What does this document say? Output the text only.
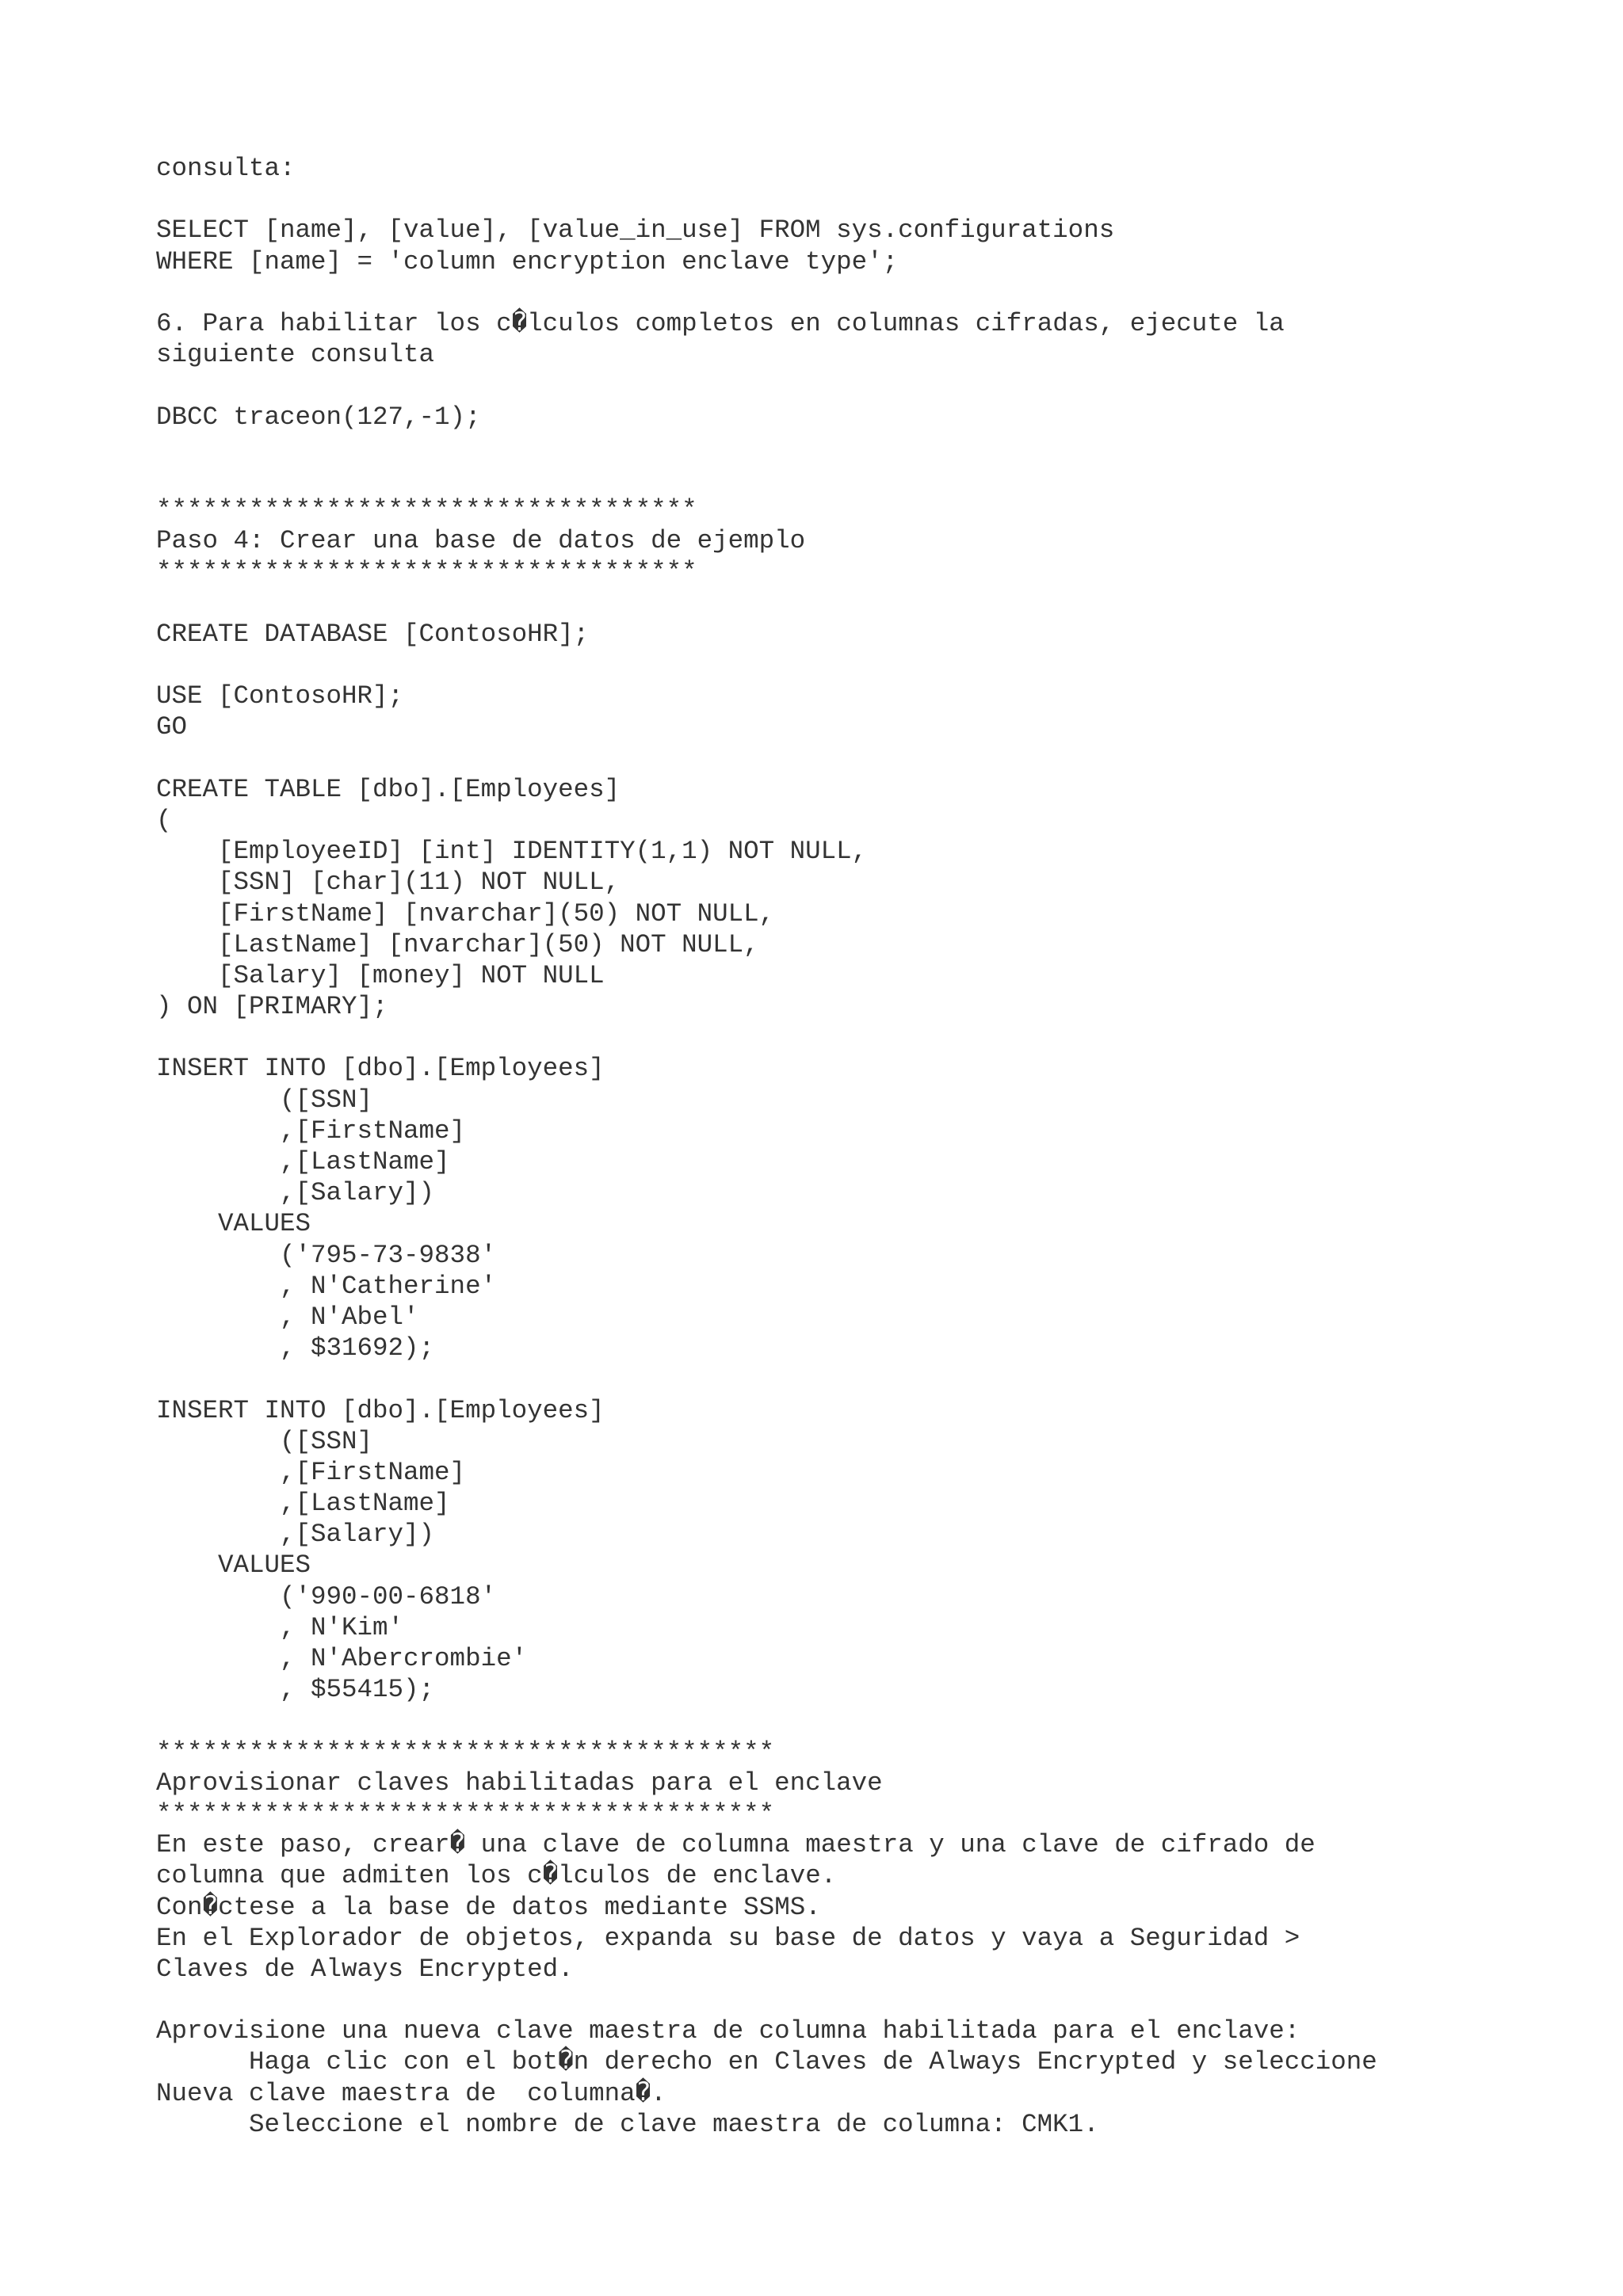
consulta:
SELECT [name], [value], [value_in_use] FROM sys.configurations
WHERE [name] = 'column encryption enclave type';
6. Para habilitar los c�lculos completos en columnas cifradas, ejecute la
siguiente consulta
DBCC traceon(127,-1);
***********************************
Paso 4: Crear una base de datos de ejemplo
***********************************
CREATE DATABASE [ContosoHR];
USE [ContosoHR];
GO
CREATE TABLE [dbo].[Employees]
(
[EmployeeID] [int] IDENTITY(1,1) NOT NULL,
[SSN] [char](11) NOT NULL,
[FirstName] [nvarchar](50) NOT NULL,
[LastName] [nvarchar](50) NOT NULL,
[Salary] [money] NOT NULL
) ON [PRIMARY];
INSERT INTO [dbo].[Employees]
([SSN]
,[FirstName]
,[LastName]
,[Salary])
VALUES
('795-73-9838'
, N'Catherine'
, N'Abel'
, $31692);
INSERT INTO [dbo].[Employees]
([SSN]
,[FirstName]
,[LastName]
,[Salary])
VALUES
('990-00-6818'
, N'Kim'
, N'Abercrombie'
, $55415);
****************************************
Aprovisionar claves habilitadas para el enclave
****************************************
En este paso, crear� una clave de columna maestra y una clave de cifrado de
columna que admiten los c�lculos de enclave.
Con�ctese a la base de datos mediante SSMS.
En el Explorador de objetos, expanda su base de datos y vaya a Seguridad >
Claves de Always Encrypted.
Aprovisione una nueva clave maestra de columna habilitada para el enclave:
Haga clic con el bot�n derecho en Claves de Always Encrypted y seleccione
Nueva clave maestra de  columna�.
Seleccione el nombre de clave maestra de columna: CMK1.
